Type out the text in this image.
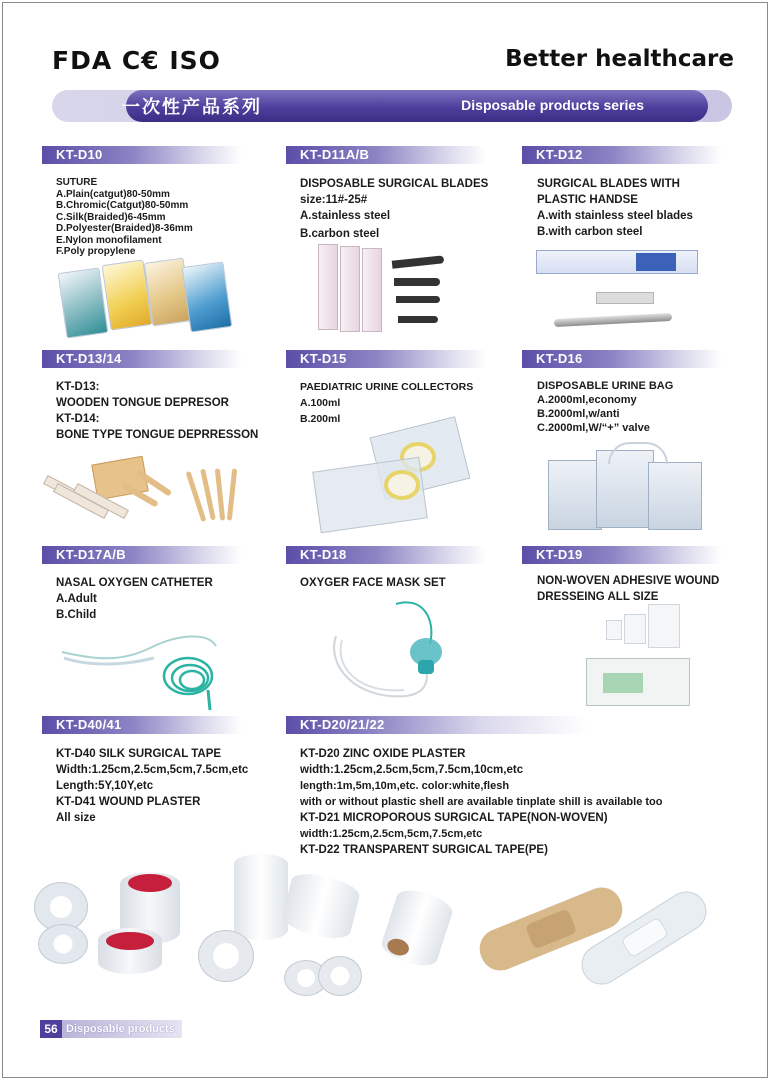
FDA C€ ISO	Better healthcare
一次性产品系列	Disposable products series
KT-D10	KT-D11A/B	KT-D12
SUTURE
A.Plain(catgut)80-50mm
B.Chromic(Catgut)80-50mm
C.Silk(Braided)6-45mm
D.Polyester(Braided)8-36mm
E.Nylon monofilament
F.Poly propylene
DISPOSABLE SURGICAL BLADES
size:11#-25#
A.stainless steel
B.carbon steel
SURGICAL BLADES WITH
PLASTIC HANDSE
A.with stainless steel blades
B.with carbon steel
KT-D13/14	KT-D15	KT-D16
KT-D13:
WOODEN TONGUE DEPRESOR
KT-D14:
BONE TYPE TONGUE DEPRRESSON
PAEDIATRIC URINE COLLECTORS
A.100ml
B.200ml
DISPOSABLE URINE BAG
A.2000ml,economy
B.2000ml,w/anti
C.2000ml,W/“+” valve
KT-D17A/B	KT-D18	KT-D19
NASAL OXYGEN CATHETER
A.Adult
B.Child
OXYGER FACE MASK SET	NON-WOVEN ADHESIVE WOUND
DRESSEING ALL SIZE
KT-D40/41	KT-D20/21/22
KT-D40 SILK SURGICAL TAPE
Width:1.25cm,2.5cm,5cm,7.5cm,etc
Length:5Y,10Y,etc
KT-D41 WOUND PLASTER
All size
KT-D20 ZINC OXIDE PLASTER
width:1.25cm,2.5cm,5cm,7.5cm,10cm,etc
length:1m,5m,10m,etc. color:white,flesh
with or without plastic shell are available tinplate shill is available too
KT-D21 MICROPOROUS SURGICAL TAPE(NON-WOVEN)
width:1.25cm,2.5cm,5cm,7.5cm,etc
KT-D22 TRANSPARENT SURGICAL TAPE(PE)
56 Disposable products
